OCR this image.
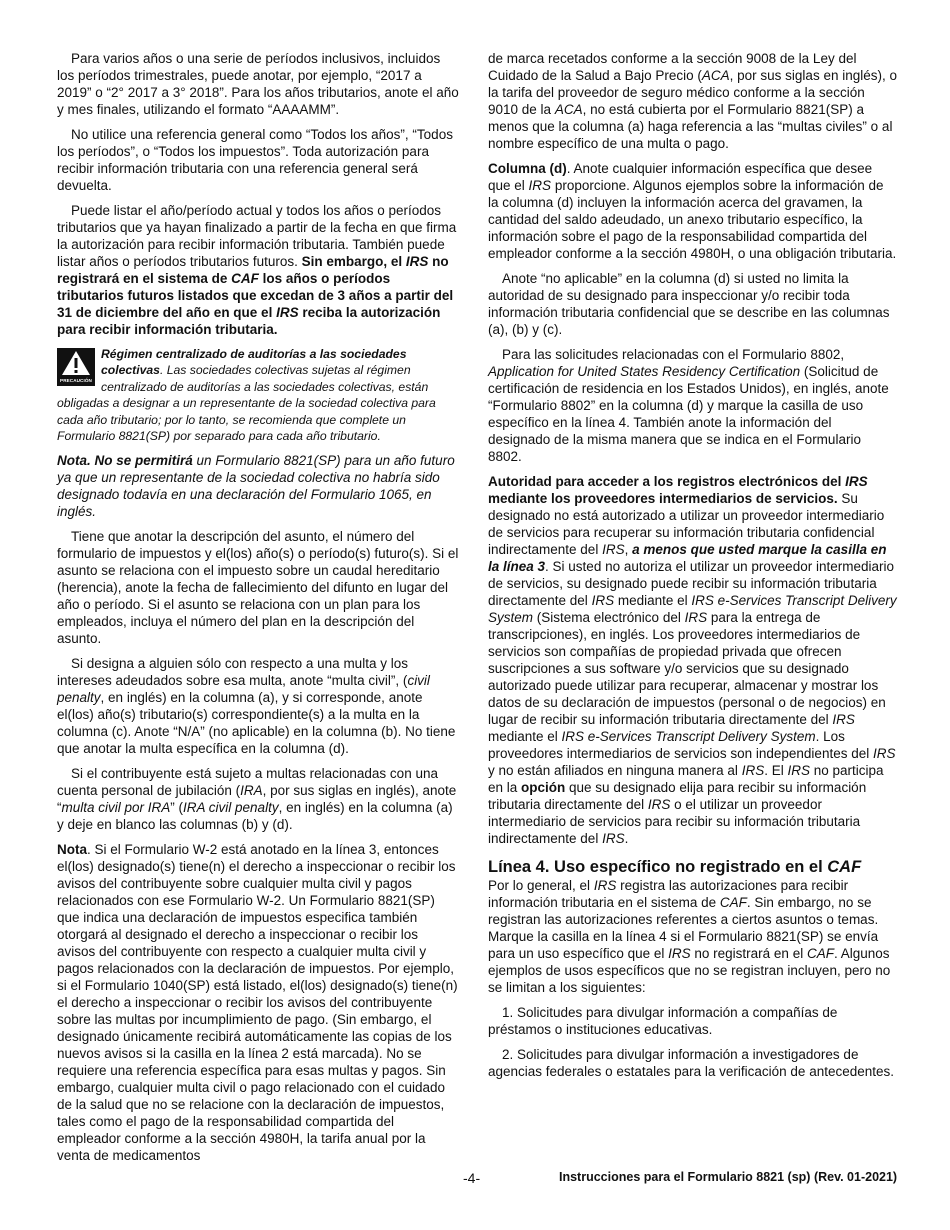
Para varios años o una serie de períodos inclusivos, incluidos los períodos trimestrales, puede anotar, por ejemplo, “2017 a 2019” o “2° 2017 a 3° 2018”. Para los años tributarios, anote el año y mes finales, utilizando el formato “AAAAMM”.

No utilice una referencia general como “Todos los años”, “Todos los períodos”, o “Todos los impuestos”. Toda autorización para recibir información tributaria con una referencia general será devuelta.

Puede listar el año/período actual y todos los años o períodos tributarios que ya hayan finalizado a partir de la fecha en que firma la autorización para recibir información tributaria. También puede listar años o períodos tributarios futuros. Sin embargo, el IRS no registrará en el sistema de CAF los años o períodos tributarios futuros listados que excedan de 3 años a partir del 31 de diciembre del año en que el IRS reciba la autorización para recibir información tributaria.

PRECAUCIÓN
Régimen centralizado de auditorías a las sociedades colectivas. Las sociedades colectivas sujetas al régimen centralizado de auditorías a las sociedades colectivas, están obligadas a designar a un representante de la sociedad colectiva para cada año tributario; por lo tanto, se recomienda que complete un Formulario 8821(SP) por separado para cada año tributario.

Nota. No se permitirá un Formulario 8821(SP) para un año futuro ya que un representante de la sociedad colectiva no habría sido designado todavía en una declaración del Formulario 1065, en inglés.

Tiene que anotar la descripción del asunto, el número del formulario de impuestos y el(los) año(s) o período(s) futuro(s). Si el asunto se relaciona con el impuesto sobre un caudal hereditario (herencia), anote la fecha de fallecimiento del difunto en lugar del año o período. Si el asunto se relaciona con un plan para los empleados, incluya el número del plan en la descripción del asunto.

Si designa a alguien sólo con respecto a una multa y los intereses adeudados sobre esa multa, anote “multa civil”, (civil penalty, en inglés) en la columna (a), y si corresponde, anote el(los) año(s) tributario(s) correspondiente(s) a la multa en la columna (c). Anote “N/A” (no aplicable) en la columna (b). No tiene que anotar la multa específica en la columna (d).

Si el contribuyente está sujeto a multas relacionadas con una cuenta personal de jubilación (IRA, por sus siglas en inglés), anote “multa civil por IRA” (IRA civil penalty, en inglés) en la columna (a) y deje en blanco las columnas (b) y (d).

Nota. Si el Formulario W-2 está anotado en la línea 3, entonces el(los) designado(s) tiene(n) el derecho a inspeccionar o recibir los avisos del contribuyente sobre cualquier multa civil y pagos relacionados con ese Formulario W-2. Un Formulario 8821(SP) que indica una declaración de impuestos especifica también otorgará al designado el derecho a inspeccionar o recibir los avisos del contribuyente con respecto a cualquier multa civil y pagos relacionados con la declaración de impuestos. Por ejemplo, si el Formulario 1040(SP) está listado, el(los) designado(s) tiene(n) el derecho a inspeccionar o recibir los avisos del contribuyente sobre las multas por incumplimiento de pago. (Sin embargo, el designado únicamente recibirá automáticamente las copias de los nuevos avisos si la casilla en la línea 2 está marcada). No se requiere una referencia específica para esas multas y pagos. Sin embargo, cualquier multa civil o pago relacionado con el cuidado de la salud que no se relacione con la declaración de impuestos, tales como el pago de la responsabilidad compartida del empleador conforme a la sección 4980H, la tarifa anual por la venta de medicamentos

de marca recetados conforme a la sección 9008 de la Ley del Cuidado de la Salud a Bajo Precio (ACA, por sus siglas en inglés), o la tarifa del proveedor de seguro médico conforme a la sección 9010 de la ACA, no está cubierta por el Formulario 8821(SP) a menos que la columna (a) haga referencia a las “multas civiles” o al nombre específico de una multa o pago.

Columna (d). Anote cualquier información específica que desee que el IRS proporcione. Algunos ejemplos sobre la información de la columna (d) incluyen la información acerca del gravamen, la cantidad del saldo adeudado, un anexo tributario específico, la información sobre el pago de la responsabilidad compartida del empleador conforme a la sección 4980H, o una obligación tributaria.

Anote “no aplicable” en la columna (d) si usted no limita la autoridad de su designado para inspeccionar y/o recibir toda información tributaria confidencial que se describe en las columnas (a), (b) y (c).

Para las solicitudes relacionadas con el Formulario 8802, Application for United States Residency Certification (Solicitud de certificación de residencia en los Estados Unidos), en inglés, anote “Formulario 8802” en la columna (d) y marque la casilla de uso específico en la línea 4. También anote la información del designado de la misma manera que se indica en el Formulario 8802.

Autoridad para acceder a los registros electrónicos del IRS mediante los proveedores intermediarios de servicios. Su designado no está autorizado a utilizar un proveedor intermediario de servicios para recuperar su información tributaria confidencial indirectamente del IRS, a menos que usted marque la casilla en la línea 3. Si usted no autoriza el utilizar un proveedor intermediario de servicios, su designado puede recibir su información tributaria directamente del IRS mediante el IRS e-Services Transcript Delivery System (Sistema electrónico del IRS para la entrega de transcripciones), en inglés. Los proveedores intermediarios de servicios son compañías de propiedad privada que ofrecen suscripciones a sus software y/o servicios que su designado autorizado puede utilizar para recuperar, almacenar y mostrar los datos de su declaración de impuestos (personal o de negocios) en lugar de recibir su información tributaria directamente del IRS mediante el IRS e-Services Transcript Delivery System. Los proveedores intermediarios de servicios son independientes del IRS y no están afiliados en ninguna manera al IRS. El IRS no participa en la opción que su designado elija para recibir su información tributaria directamente del IRS o el utilizar un proveedor intermediario de servicios para recibir su información tributaria indirectamente del IRS.

Línea 4. Uso específico no registrado en el CAF

Por lo general, el IRS registra las autorizaciones para recibir información tributaria en el sistema de CAF. Sin embargo, no se registran las autorizaciones referentes a ciertos asuntos o temas. Marque la casilla en la línea 4 si el Formulario 8821(SP) se envía para un uso específico que el IRS no registrará en el CAF. Algunos ejemplos de usos específicos que no se registran incluyen, pero no se limitan a los siguientes:

1. Solicitudes para divulgar información a compañías de préstamos o instituciones educativas.

2. Solicitudes para divulgar información a investigadores de agencias federales o estatales para la verificación de antecedentes.

-4-	Instrucciones para el Formulario 8821 (sp) (Rev. 01-2021)
